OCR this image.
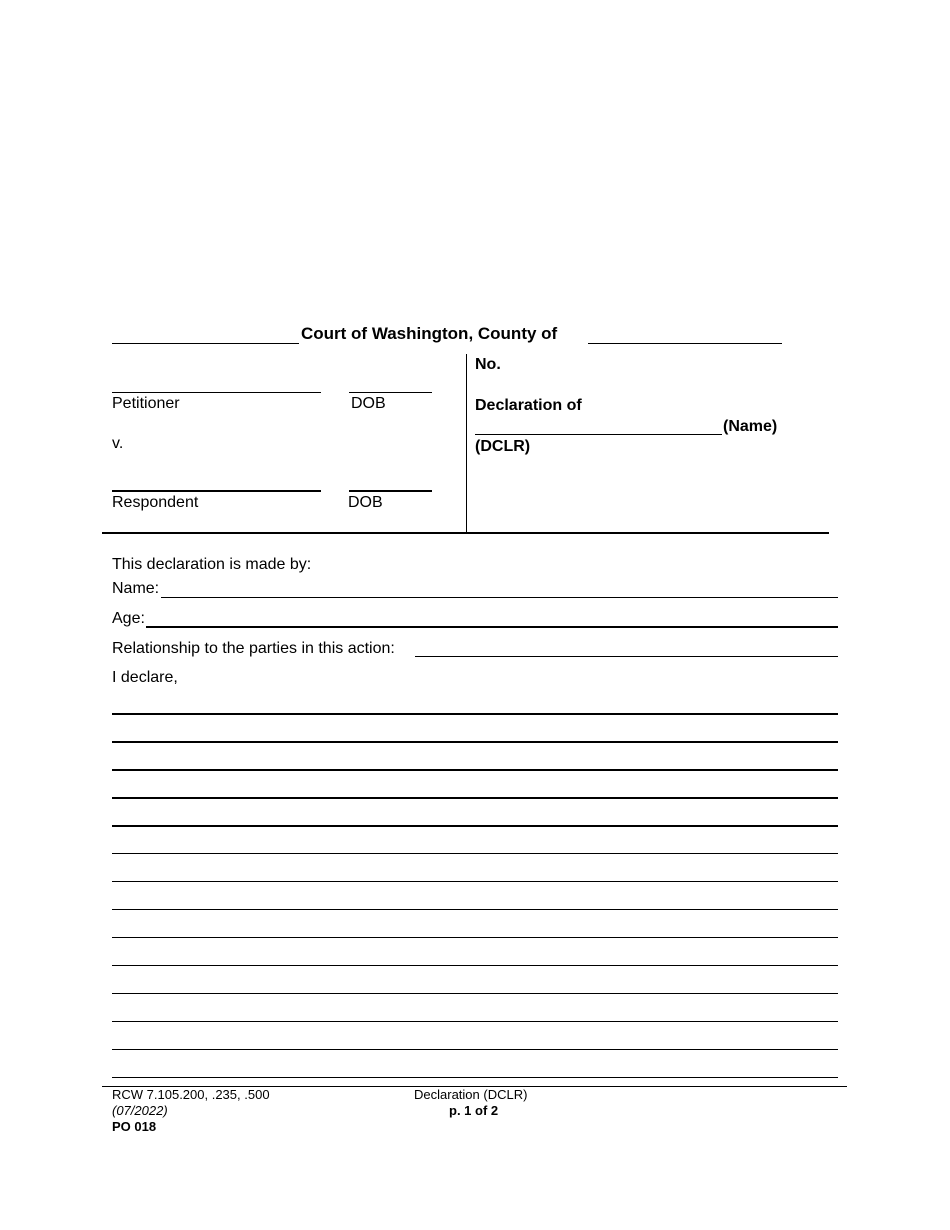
Court of Washington, County of
Petitioner	DOB
v.
Respondent	DOB
No.
Declaration of
(Name)
(DCLR)
This declaration is made by:
Name:
Age:
Relationship to the parties in this action:
I declare,
RCW 7.105.200, .235, .500
(07/2022)
PO 018
Declaration (DCLR)
p. 1 of 2
